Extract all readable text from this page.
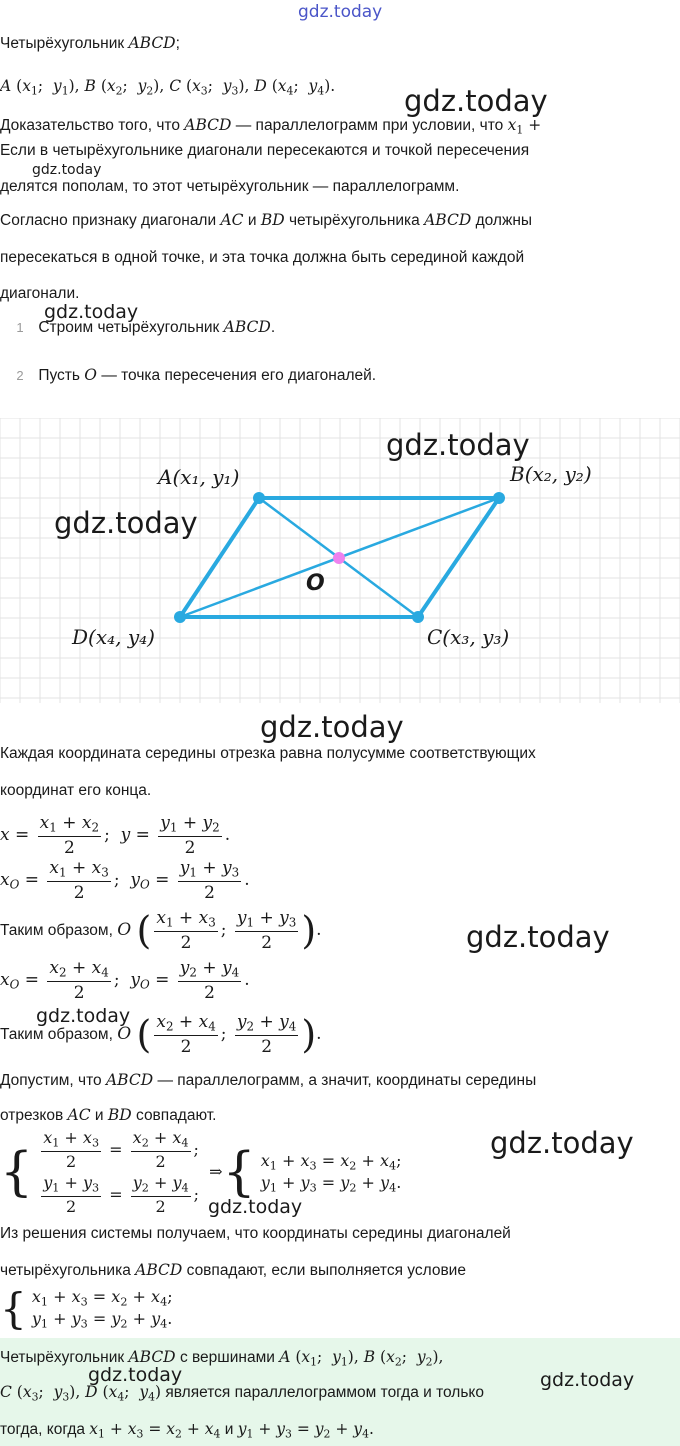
gdz.today
Четырёхугольник ABCD;
A ($x_1$;  $y_1$), B ($x_2$;  $y_2$), C ($x_3$;  $y_3$), D ($x_4$;  $y_4$). gdz.today
Доказательство того, что ABCD — параллелограмм при условии, что $x_1$ +
Если в четырёхугольнике диагонали пересекаются и точкой пересечения
gdz.today
делятся пополам, то этот четырёхугольник — параллелограмм.
Согласно признаку диагонали AC и BD четырёхугольника ABCD должны
пересекаться в одной точке, и эта точка должна быть серединой каждой
диагонали.
gdz.today
1 Строим четырёхугольник ABCD.
2 Пусть O — точка пересечения его диагоналей.
A(x₁, y₁)	B(x₂, y₂)
C(x₃, y₃)
D(x₄, y₄)
O
gdz.today
gdz.today
gdz.today
Каждая координата середины отрезка равна полусумме соответствующих
координат его конца.
$x = \frac{x_1 + x_2}{2}$ ;  $y = \frac{y_1 + y_2}{2}$ .
$x_O = \frac{x_1 + x_3}{2}$ ;  $y_O = \frac{y_1 + y_3}{2}$ .
Таким образом, O ( $\frac{x_1 + x_3}{2}$ ; $\frac{y_1 + y_3}{2}$ ).	gdz.today
$x_O = \frac{x_2 + x_4}{2}$ ;  $y_O = \frac{y_2 + y_4}{2}$ .
gdz.today
Таким образом, O ( $\frac{x_2 + x_4}{2}$ ; $\frac{y_2 + y_4}{2}$ ).
Допустим, что ABCD — параллелограмм, а значит, координаты середины
отрезков AC и BD совпадают.
{ $\frac{x_1 + x_3}{2} = \frac{x_2 + x_4}{2}$ ;
$\frac{y_1 + y_3}{2} = \frac{y_2 + y_4}{2}$ ;
⇒{ $x_1 + x_3 = x_2 + x_4$;
$y_1 + y_3 = y_2 + y_4$.
gdz.today
gdz.today
Из решения системы получаем, что координаты середины диагоналей
четырёхугольника ABCD совпадают, если выполняется условие
{ $x_1 + x_3 = x_2 + x_4$;
$y_1 + y_3 = y_2 + y_4$.
Четырёхугольник ABCD с вершинами A ($x_1$;  $y_1$), B ($x_2$;  $y_2$),
C ($x_3$;  $y_3$), D ($x_4$;  $y_4$) является параллелограммом тогда и только
тогда, когда $x_1 + x_3 = x_2 + x_4$ и $y_1 + y_3 = y_2 + y_4$.
gdz.today	gdz.today
